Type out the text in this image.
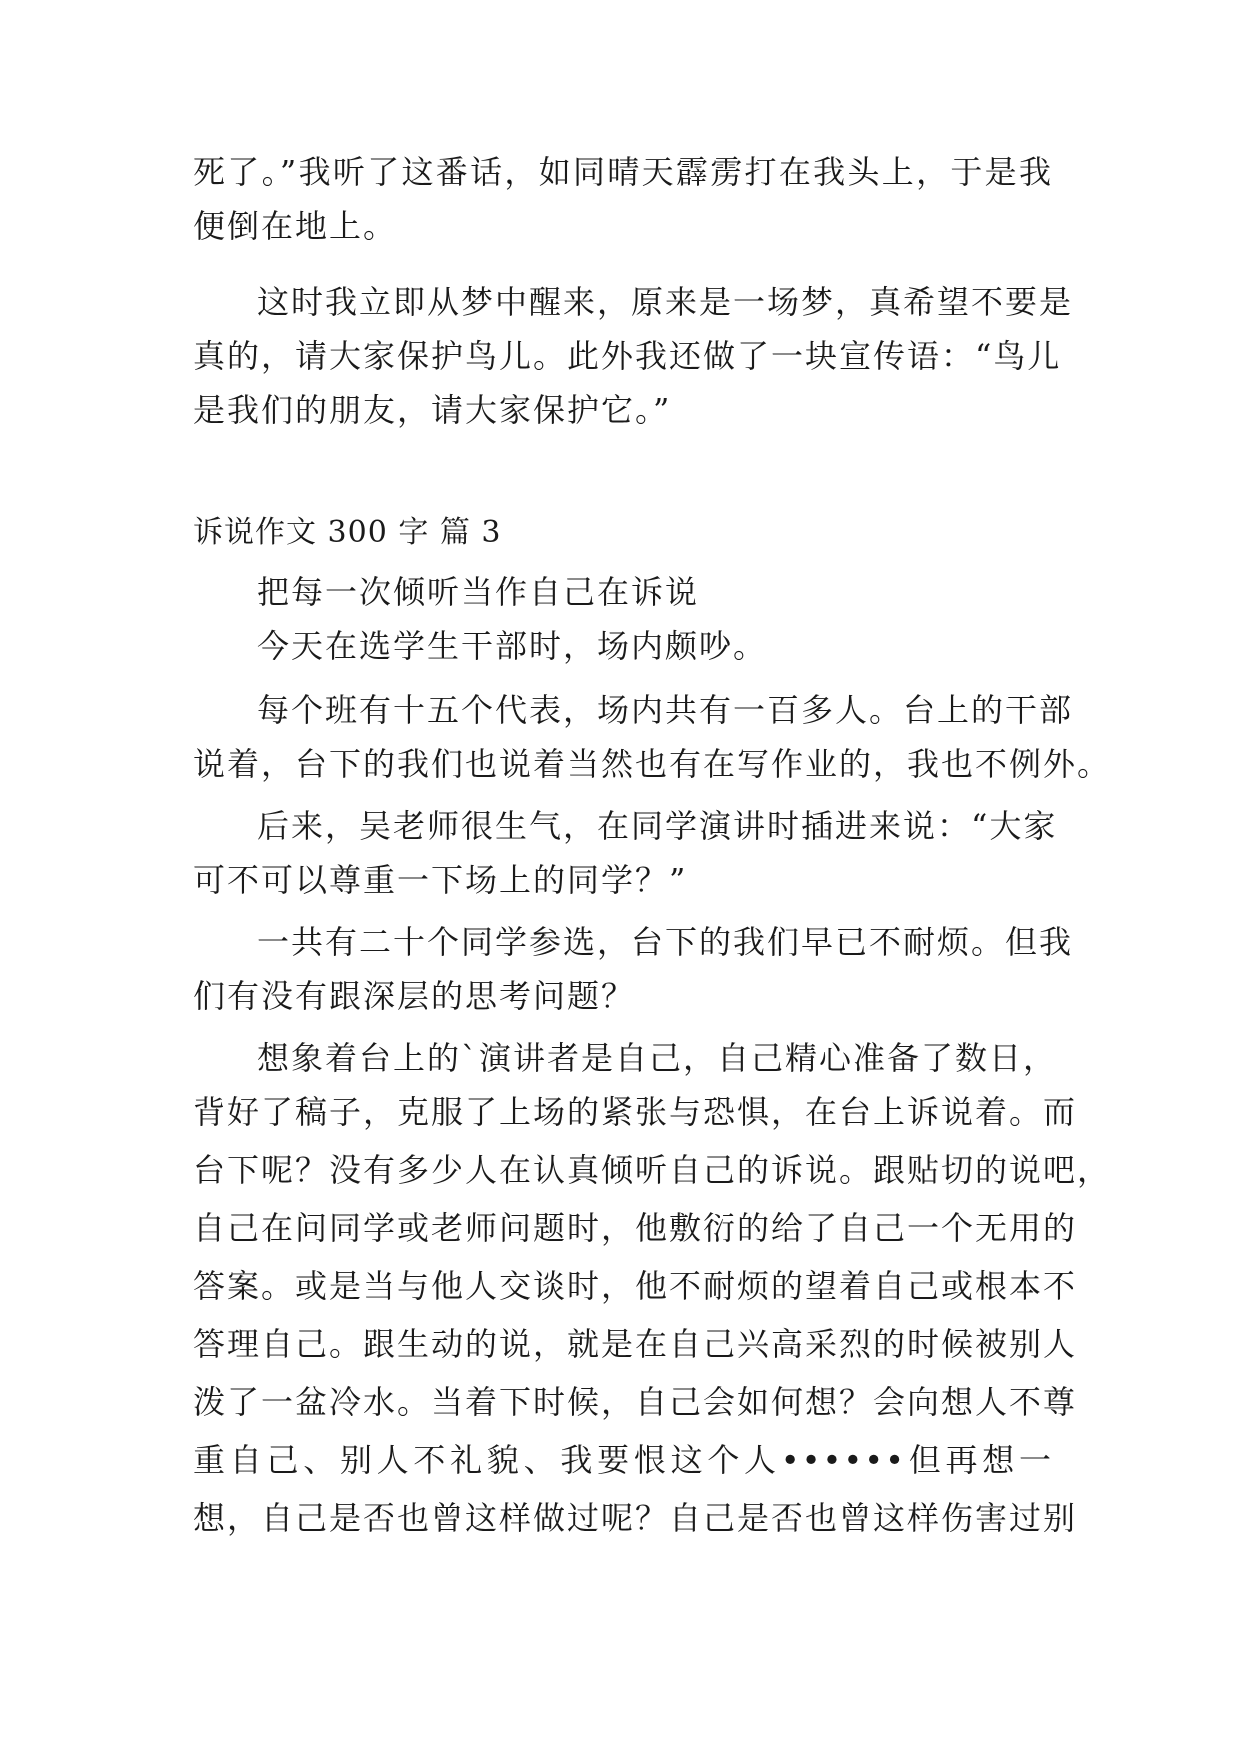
死了。”我听了这番话，如同晴天霹雳打在我头上，于是我
便倒在地上。
这时我立即从梦中醒来，原来是一场梦，真希望不要是
真的，请大家保护鸟儿。此外我还做了一块宣传语：“鸟儿
是我们的朋友，请大家保护它。”
诉说作文 300 字 篇 3
把每一次倾听当作自己在诉说
今天在选学生干部时，场内颇吵。
每个班有十五个代表，场内共有一百多人。台上的干部
说着，台下的我们也说着当然也有在写作业的，我也不例外。
后来，吴老师很生气，在同学演讲时插进来说：“大家
可不可以尊重一下场上的同学？”
一共有二十个同学参选，台下的我们早已不耐烦。但我
们有没有跟深层的思考问题？
想象着台上的`演讲者是自己，自己精心准备了数日，
背好了稿子，克服了上场的紧张与恐惧，在台上诉说着。而
台下呢？没有多少人在认真倾听自己的诉说。跟贴切的说吧，
自己在问同学或老师问题时，他敷衍的给了自己一个无用的
答案。或是当与他人交谈时，他不耐烦的望着自己或根本不
答理自己。跟生动的说，就是在自己兴高采烈的时候被别人
泼了一盆冷水。当着下时候，自己会如何想？会向想人不尊
重自己、别人不礼貌、我要恨这个人••••••但再想一
想，自己是否也曾这样做过呢？自己是否也曾这样伤害过别
